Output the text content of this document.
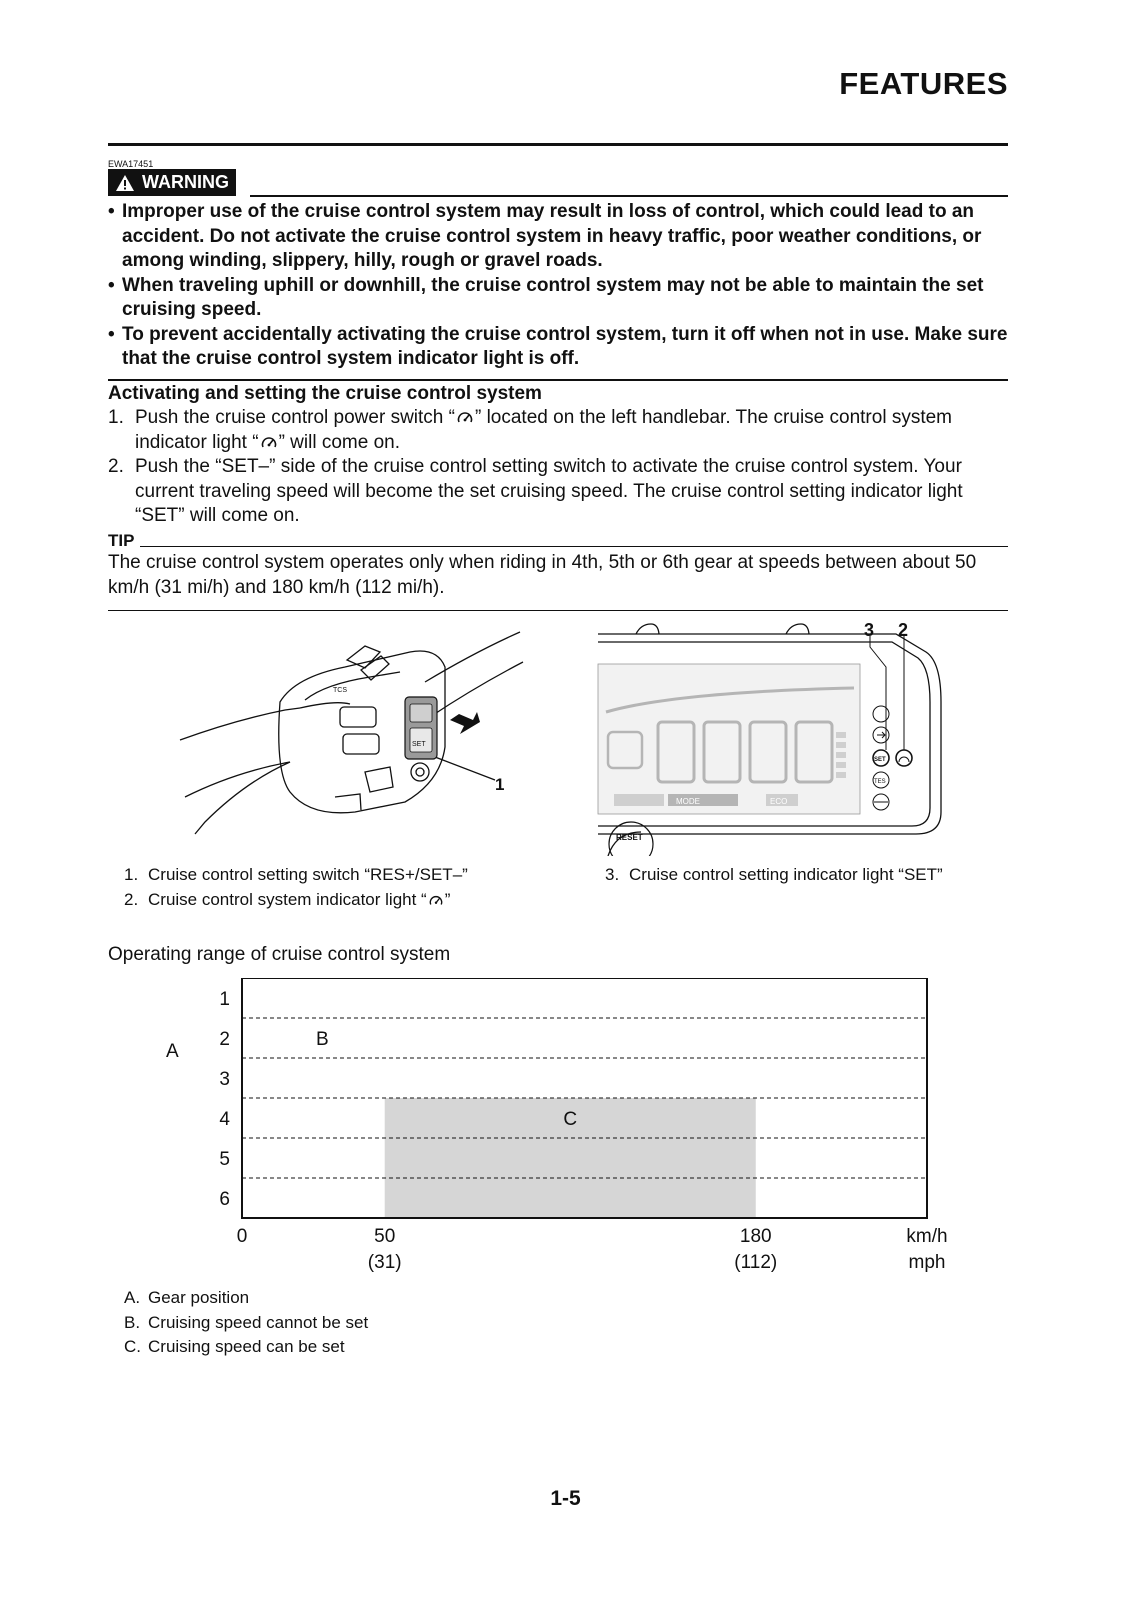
FEATURES
EWA17451
WARNING
• Improper use of the cruise control system may result in loss of control, which could lead to an accident. Do not activate the cruise control system in heavy traffic, poor weather conditions, or among winding, slippery, hilly, rough or gravel roads.
• When traveling uphill or downhill, the cruise control system may not be able to maintain the set cruising speed.
• To prevent accidentally activating the cruise control system, turn it off when not in use. Make sure that the cruise control system indicator light is off.
Activating and setting the cruise control system
1. Push the cruise control power switch “ ” located on the left handlebar. The cruise control system indicator light “ ” will come on.
2. Push the “SET–” side of the cruise control setting switch to activate the cruise control system. Your current traveling speed will become the set cruising speed. The cruise control setting indicator light “SET” will come on.
TIP
The cruise control system operates only when riding in 4th, 5th or 6th gear at speeds between about 50 km/h (31 mi/h) and 180 km/h (112 mi/h).
SET
TCS
1
MODE	ECO
SET
TES
RESET
3 2
1. Cruise control setting switch “RES+/SET–”
2. Cruise control system indicator light “ ”
3. Cruise control setting indicator light “SET”
Operating range of cruise control system
1
2
3
4
5
6
A
B
C
0	50
(31)
180
(112)
km/h
mph
A. Gear position
B. Cruising speed cannot be set
C. Cruising speed can be set
1-5
